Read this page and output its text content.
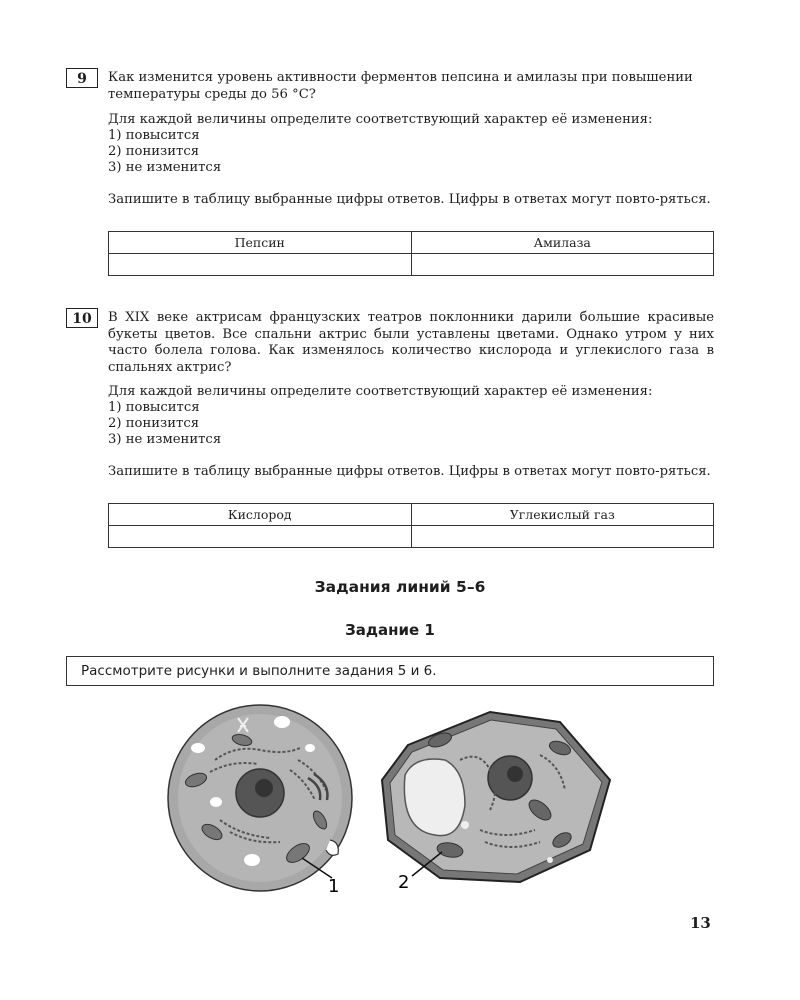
9	Как изменится уровень активности ферментов пепсина и амилазы при повышении
температуры среды до 56 °С?
Для каждой величины определите соответствующий характер её изменения:
1) повысится
2) понизится
3) не изменится
Запишите в таблицу выбранные цифры ответов. Цифры в ответах могут повто-ряться.
Пепсин	Амилаза

10	В XIX веке актрисам французских театров поклонники дарили большие красивые букеты цветов. Все спальни актрис были уставлены цветами. Однако утром у них часто болела голова. Как изменялось количество кислорода и углекислого газа в спальнях актрис?
Для каждой величины определите соответствующий характер её изменения:
1) повысится
2) понизится
3) не изменится
Запишите в таблицу выбранные цифры ответов. Цифры в ответах могут повто-ряться.
Кислород	Углекислый газ

Задания линий 5–6
Задание 1
Рассмотрите рисунки и выполните задания 5 и 6.
1	2
13
